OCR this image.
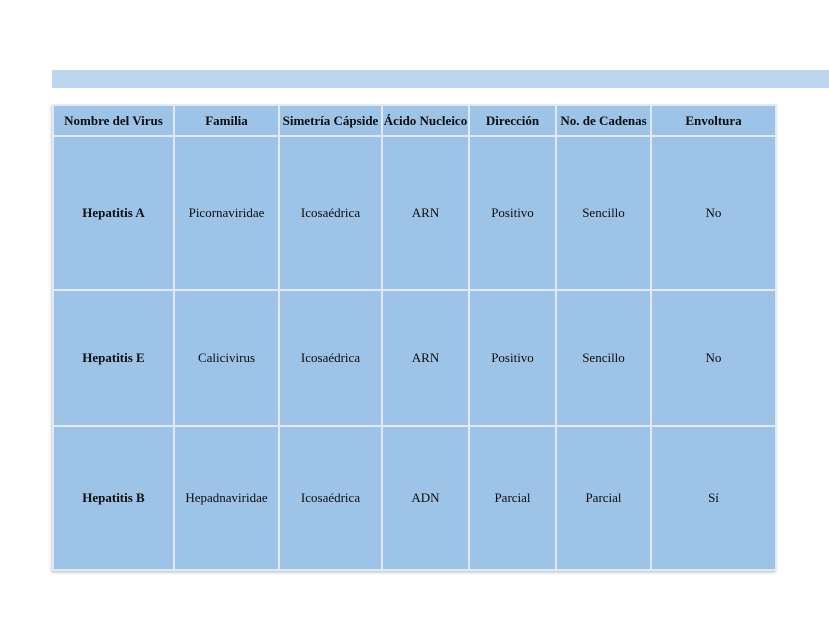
Nombre del Virus	Familia	Simetría Cápside	Ácido Nucleico	Dirección	No. de Cadenas	Envoltura
Hepatitis A	Picornaviridae	Icosaédrica	ARN	Positivo	Sencillo	No
Hepatitis E	Calicivirus	Icosaédrica	ARN	Positivo	Sencillo	No
Hepatitis B	Hepadnaviridae	Icosaédrica	ADN	Parcial	Parcial	Sí
